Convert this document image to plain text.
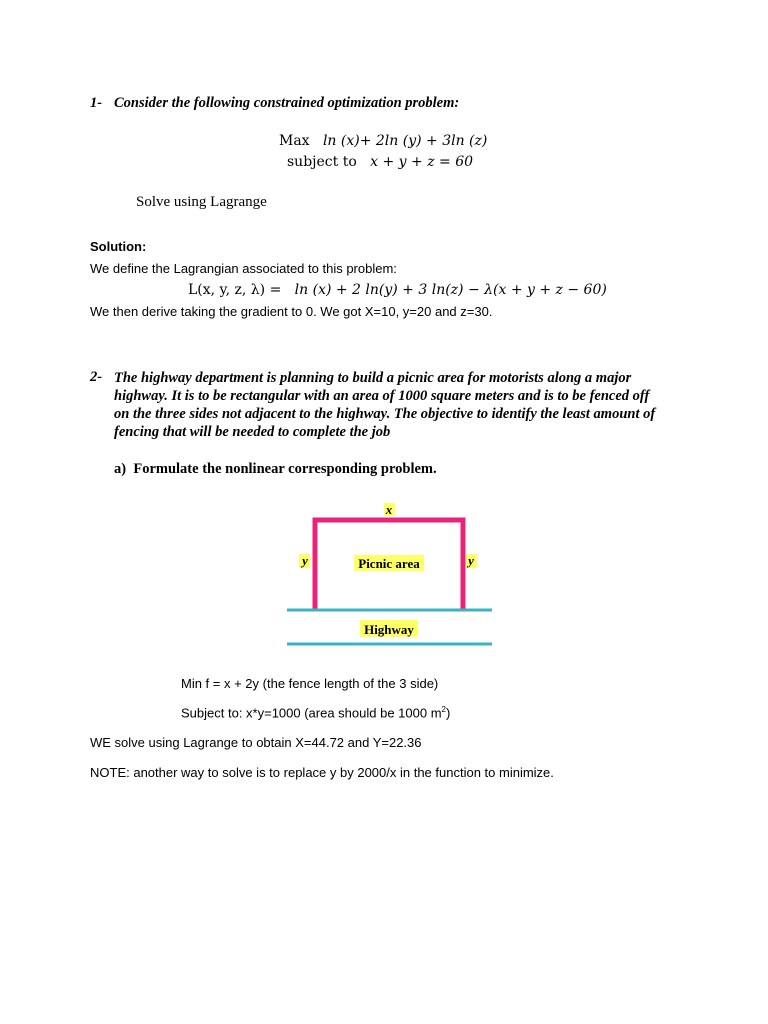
1- Consider the following constrained optimization problem:
Max ln (x)+ 2ln (y) + 3ln (z)
subject to x + y + z = 60
Solve using Lagrange
Solution:
We define the Lagrangian associated to this problem:
L(x, y, z, λ) = ln (x) + 2 ln(y) + 3 ln(z) − λ(x + y + z − 60)
We then derive taking the gradient to 0. We got X=10, y=20 and z=30.
2- The highway department is planning to build a picnic area for motorists along a major
highway. It is to be rectangular with an area of 1000 square meters and is to be fenced off
on the three sides not adjacent to the highway. The objective to identify the least amount of
fencing that will be needed to complete the job
a) Formulate the nonlinear corresponding problem.
x
y	y
Picnic area
Highway
Min f = x + 2y (the fence length of the 3 side)
Subject to: x*y=1000 (area should be 1000 $m^2$)
WE solve using Lagrange to obtain X=44.72 and Y=22.36
NOTE: another way to solve is to replace y by 2000/x in the function to minimize.
